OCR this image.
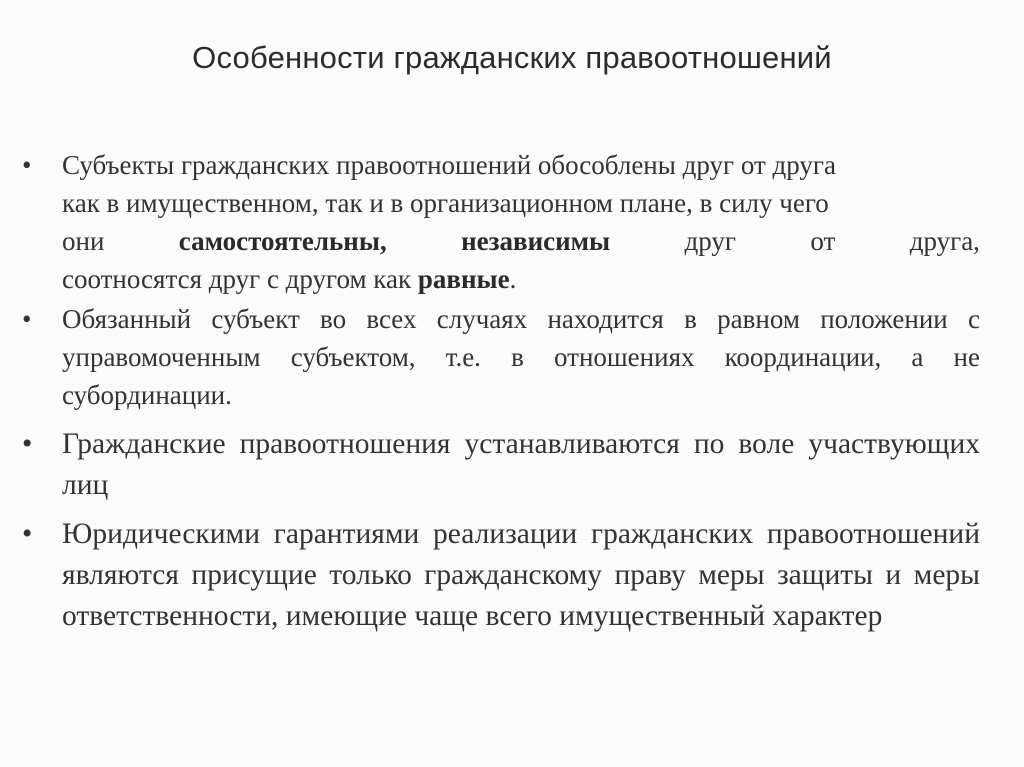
Особенности гражданских правоотношений
• Субъекты гражданских правоотношений обособлены друг от друга
как в имущественном, так и в организационном плане, в силу чего
они	самостоятельны,	независимы	друг	от	друга,
соотносятся друг с другом как равные.
• Обязанный субъект во всех случаях находится в равном положении с управомоченным субъектом, т.е. в отношениях координации, а не субординации.
• Гражданские правоотношения устанавливаются по воле участвующих лиц
• Юридическими гарантиями реализации гражданских правоотношений являются присущие только гражданскому праву меры защиты и меры ответственности, имеющие чаще всего имущественный характер
